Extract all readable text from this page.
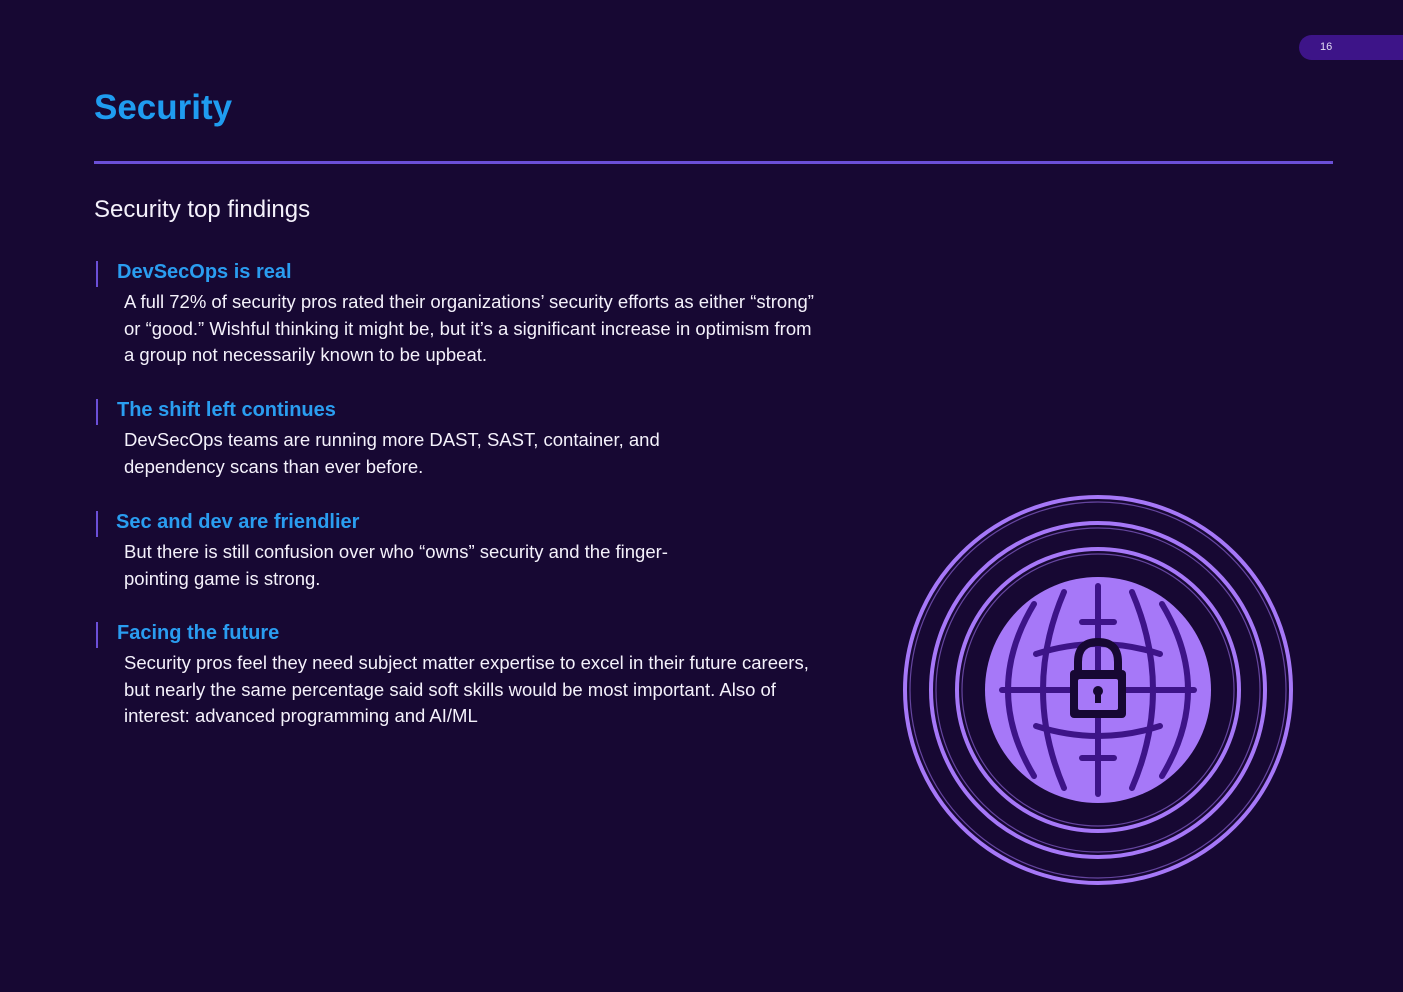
16
Security
Security top findings
DevSecOps is real

A full 72% of security pros rated their organizations’ security efforts as either “strong” or “good.” Wishful thinking it might be, but it’s a significant increase in optimism from a group not necessarily known to be upbeat.

The shift left continues

DevSecOps teams are running more DAST, SAST, container, and dependency scans than ever before.

Sec and dev are friendlier

But there is still confusion over who “owns” security and the finger-pointing game is strong.

Facing the future

Security pros feel they need subject matter expertise to excel in their future careers, but nearly the same percentage said soft skills would be most important. Also of interest: advanced programming and AI/ML
